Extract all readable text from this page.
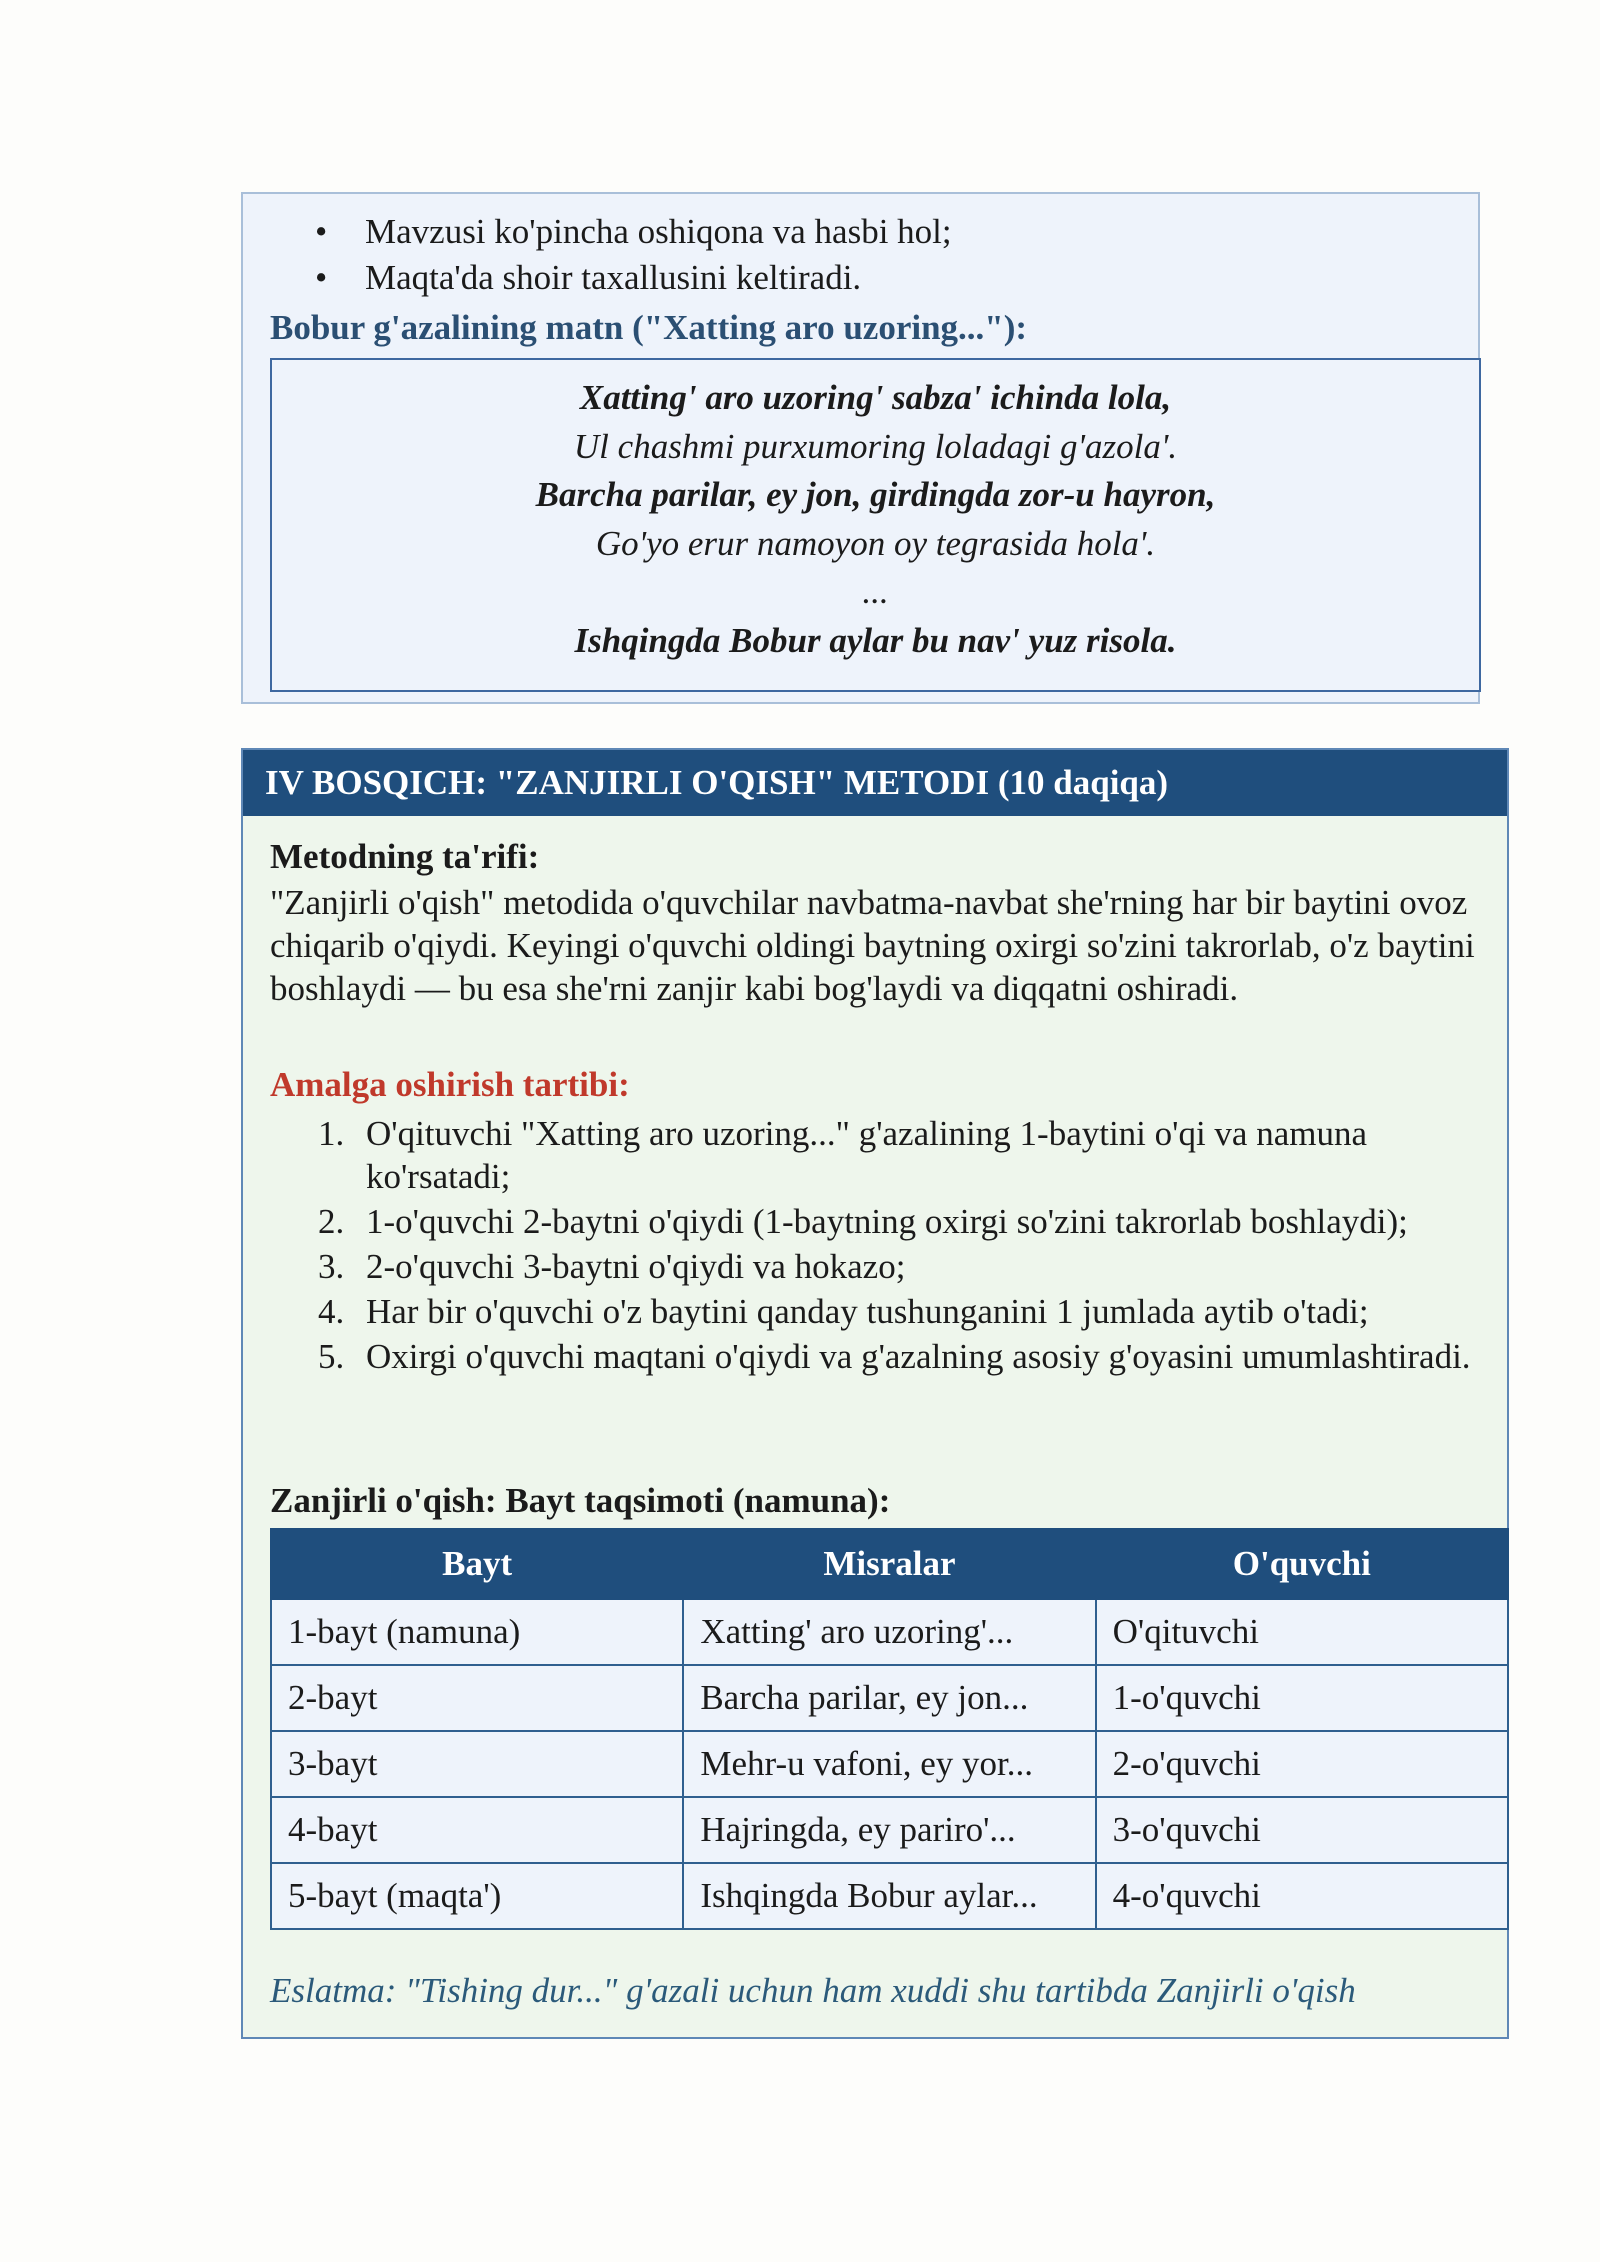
• Mavzusi ko'pincha oshiqona va hasbi hol;
• Maqta'da shoir taxallusini keltiradi.
Bobur g'azalining matn ("Xatting aro uzoring..."):
Xatting' aro uzoring' sabza' ichinda lola,
Ul chashmi purxumoring loladagi g'azola'.
Barcha parilar, ey jon, girdingda zor-u hayron,
Go'yo erur namoyon oy tegrasida hola'.
...
Ishqingda Bobur aylar bu nav' yuz risola.
IV BOSQICH: "ZANJIRLI O'QISH" METODI (10 daqiqa)
Metodning ta'rifi:
"Zanjirli o'qish" metodida o'quvchilar navbatma-navbat she'rning har bir baytini ovoz chiqarib o'qiydi. Keyingi o'quvchi oldingi baytning oxirgi so'zini takrorlab, o'z baytini boshlaydi — bu esa she'rni zanjir kabi bog'laydi va diqqatni oshiradi.
Amalga oshirish tartibi:
1. O'qituvchi "Xatting aro uzoring..." g'azalining 1-baytini o'qi va namuna ko'rsatadi;
2. 1-o'quvchi 2-baytni o'qiydi (1-baytning oxirgi so'zini takrorlab boshlaydi);
3. 2-o'quvchi 3-baytni o'qiydi va hokazo;
4. Har bir o'quvchi o'z baytini qanday tushunganini 1 jumlada aytib o'tadi;
5. Oxirgi o'quvchi maqtani o'qiydi va g'azalning asosiy g'oyasini umumlashtiradi.
Zanjirli o'qish: Bayt taqsimoti (namuna):
Bayt	Misralar	O'quvchi
1-bayt (namuna)	Xatting' aro uzoring'...	O'qituvchi
2-bayt	Barcha parilar, ey jon...	1-o'quvchi
3-bayt	Mehr-u vafoni, ey yor...	2-o'quvchi
4-bayt	Hajringda, ey pariro'...	3-o'quvchi
5-bayt (maqta')	Ishqingda Bobur aylar...	4-o'quvchi
Eslatma: "Tishing dur..." g'azali uchun ham xuddi shu tartibda Zanjirli o'qish
